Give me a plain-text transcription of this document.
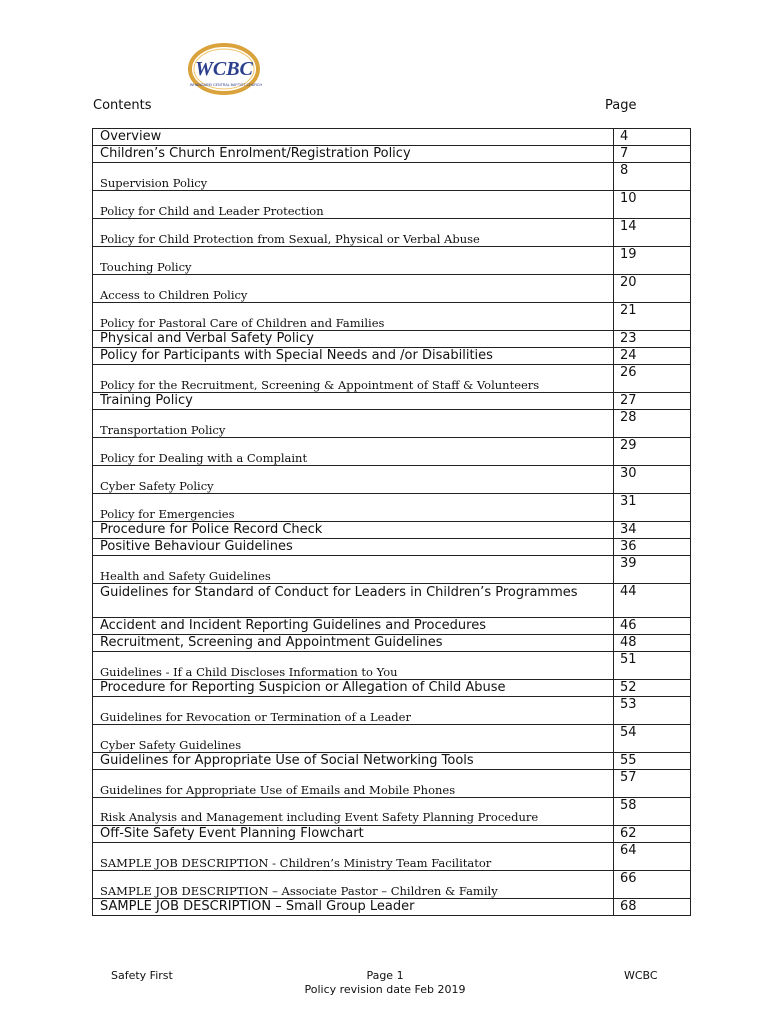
WCBC
WHANGAREI CENTRAL BAPTIST CHURCH
Contents	Page
Overview	4
Children’s Church Enrolment/Registration Policy	7
Supervision Policy	8
Policy for Child and Leader Protection	10
Policy for Child Protection from Sexual, Physical or Verbal Abuse	14
Touching Policy	19
Access to Children Policy	20
Policy for Pastoral Care of Children and Families	21
Physical and Verbal Safety Policy	23
Policy for Participants with Special Needs and /or Disabilities	24
Policy for the Recruitment, Screening & Appointment of Staff & Volunteers	26
Training Policy	27
Transportation Policy	28
Policy for Dealing with a Complaint	29
Cyber Safety Policy	30
Policy for Emergencies	31
Procedure for Police Record Check	34
Positive Behaviour Guidelines	36
Health and Safety Guidelines	39
Guidelines for Standard of Conduct for Leaders in Children’s Programmes	44
Accident and Incident Reporting Guidelines and Procedures	46
Recruitment, Screening and Appointment Guidelines	48
Guidelines - If a Child Discloses Information to You	51
Procedure for Reporting Suspicion or Allegation of Child Abuse	52
Guidelines for Revocation or Termination of a Leader	53
Cyber Safety Guidelines	54
Guidelines for Appropriate Use of Social Networking Tools	55
Guidelines for Appropriate Use of Emails and Mobile Phones	57
Risk Analysis and Management including Event Safety Planning Procedure	58
Off-Site Safety Event Planning Flowchart	62
SAMPLE JOB DESCRIPTION - Children’s Ministry Team Facilitator	64
SAMPLE JOB DESCRIPTION – Associate Pastor – Children & Family	66
SAMPLE JOB DESCRIPTION – Small Group Leader	68
Safety First	Page 1
Policy revision date Feb 2019
WCBC
